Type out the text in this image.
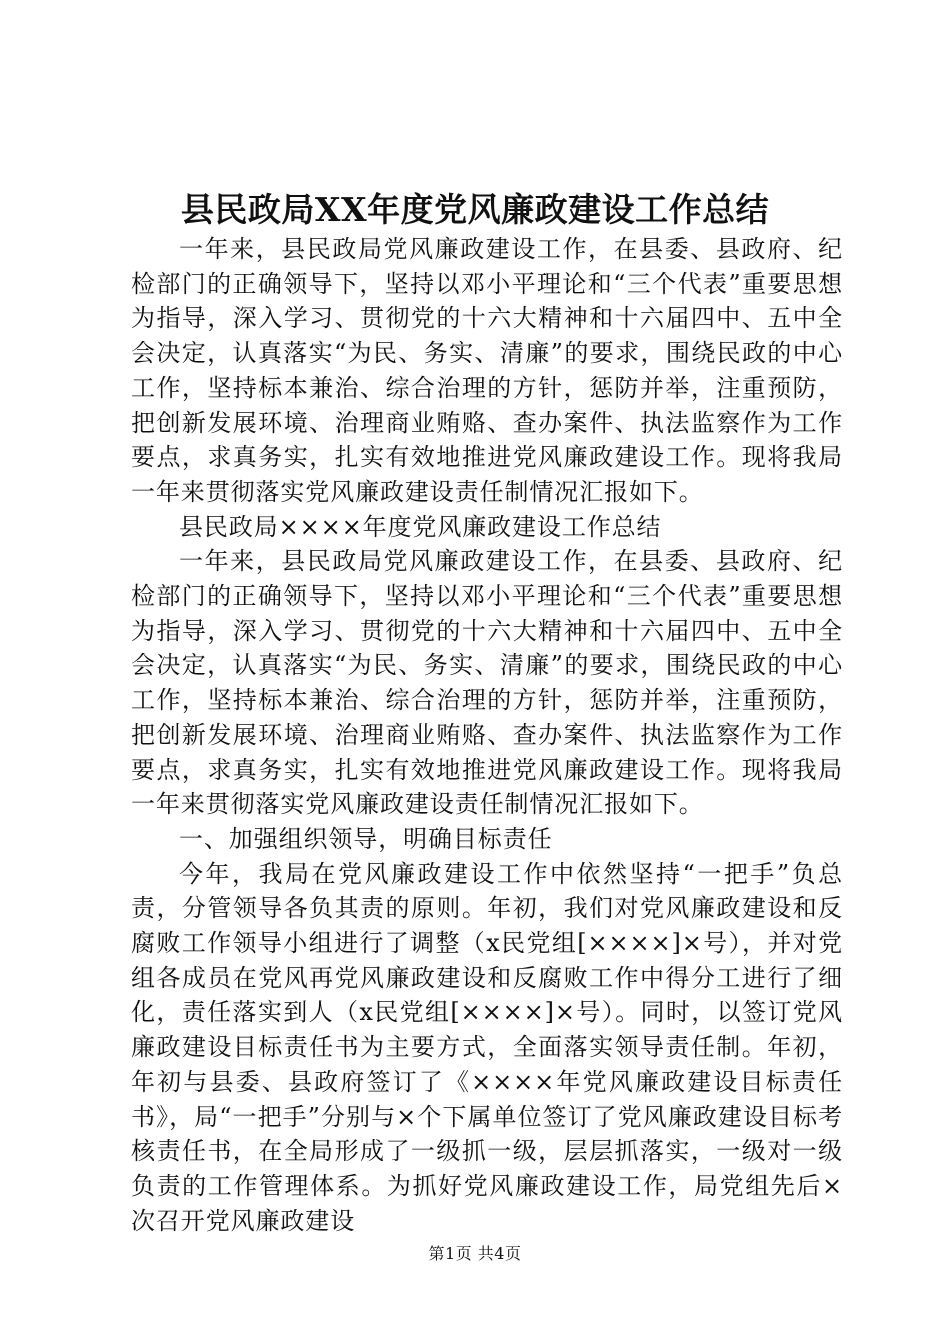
县民政局XX年度党风廉政建设工作总结

一年来，县民政局党风廉政建设工作，在县委、县政府、纪检部门的正确领导下，坚持以邓小平理论和“三个代表”重要思想为指导，深入学习、贯彻党的十六大精神和十六届四中、五中全会决定，认真落实“为民、务实、清廉”的要求，围绕民政的中心工作，坚持标本兼治、综合治理的方针，惩防并举，注重预防，把创新发展环境、治理商业贿赂、查办案件、执法监察作为工作要点，求真务实，扎实有效地推进党风廉政建设工作。现将我局一年来贯彻落实党风廉政建设责任制情况汇报如下。

县民政局××××年度党风廉政建设工作总结

一年来，县民政局党风廉政建设工作，在县委、县政府、纪检部门的正确领导下，坚持以邓小平理论和“三个代表”重要思想为指导，深入学习、贯彻党的十六大精神和十六届四中、五中全会决定，认真落实“为民、务实、清廉”的要求，围绕民政的中心工作，坚持标本兼治、综合治理的方针，惩防并举，注重预防，把创新发展环境、治理商业贿赂、查办案件、执法监察作为工作要点，求真务实，扎实有效地推进党风廉政建设工作。现将我局一年来贯彻落实党风廉政建设责任制情况汇报如下。

一、加强组织领导，明确目标责任

今年，我局在党风廉政建设工作中依然坚持“一把手”负总责，分管领导各负其责的原则。年初，我们对党风廉政建设和反腐败工作领导小组进行了调整（x民党组[××××]×号），并对党组各成员在党风再党风廉政建设和反腐败工作中得分工进行了细化，责任落实到人（x民党组[××××]×号）。同时，以签订党风廉政建设目标责任书为主要方式，全面落实领导责任制。年初，年初与县委、县政府签订了《××××年党风廉政建设目标责任书》，局“一把手”分别与×个下属单位签订了党风廉政建设目标考核责任书，在全局形成了一级抓一级，层层抓落实，一级对一级负责的工作管理体系。为抓好党风廉政建设工作，局党组先后×次召开党风廉政建设

第1页 共4页
